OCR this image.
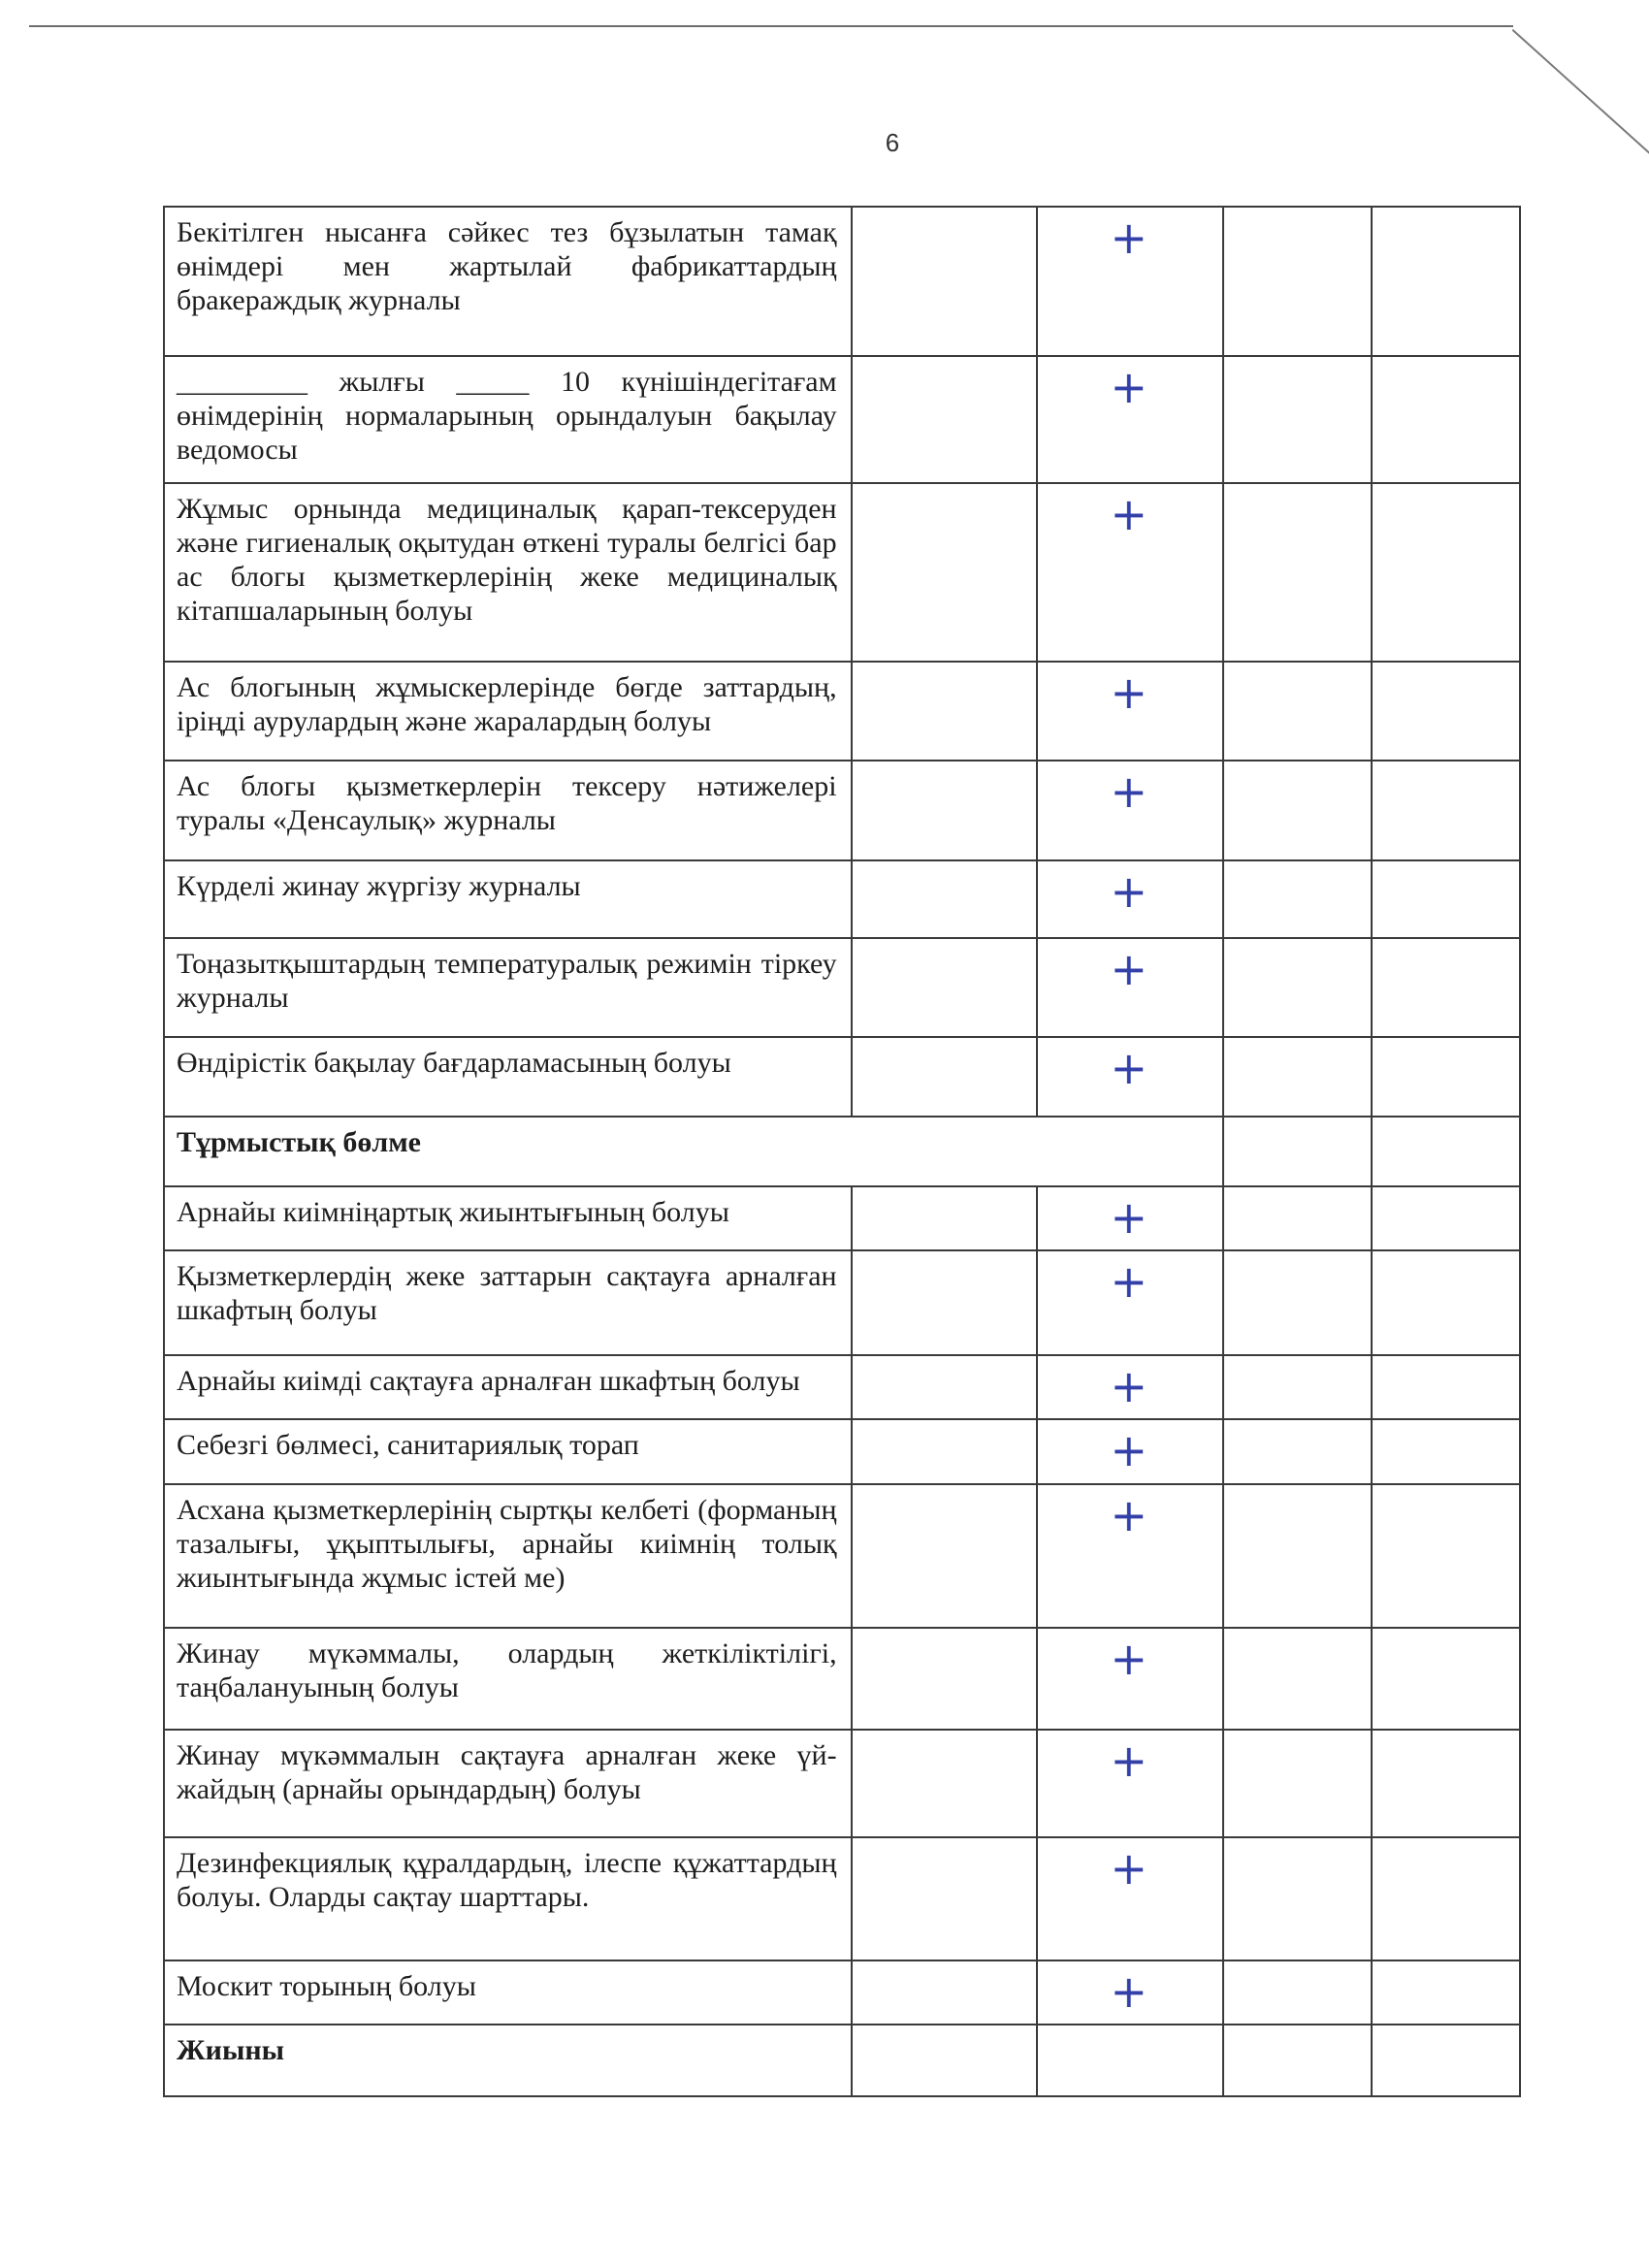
6
Бекітілген нысанға сәйкес тез бұзылатын тамақ өнімдері мен жартылай фабрикаттардың бракераждық журналы		+		
_________ жылғы _____ 10 күнішіндегітағам өнімдерінің нормаларының орындалуын бақылау ведомосы		+		
Жұмыс орнында медициналық қарап-тексеруден және гигиеналық оқытудан өткені туралы белгісі бар ас блогы қызметкерлерінің жеке медициналық кітапшаларының болуы		+		
Ас блогының жұмыскерлерінде бөгде заттардың, іріңді аурулардың және жаралардың болуы		+		
Ас блогы қызметкерлерін тексеру нәтижелері туралы «Денсаулық» журналы		+		
Күрделі жинау жүргізу журналы		+		
Тоңазытқыштардың температуралық режимін тіркеу журналы		+		
Өндірістік бақылау бағдарламасының болуы		+		
Тұрмыстық бөлме				
Арнайы киімніңартық жиынтығының болуы		+		
Қызметкерлердің жеке заттарын сақтауға арналған шкафтың болуы		+		
Арнайы киімді сақтауға арналған шкафтың болуы		+		
Себезгі бөлмесі, санитариялық торап		+		
Асхана қызметкерлерінің сыртқы келбеті (форманың тазалығы, ұқыптылығы, арнайы киімнің толық жиынтығында жұмыс істей ме)		+		
Жинау мүкәммалы, олардың жеткіліктілігі, таңбалануының болуы		+		
Жинау мүкәммалын сақтауға арналған жеке үй-жайдың (арнайы орындардың) болуы		+		
Дезинфекциялық құралдардың, ілеспе құжаттардың болуы. Оларды сақтау шарттары.		+		
Москит торының болуы		+		
Жиыны				
